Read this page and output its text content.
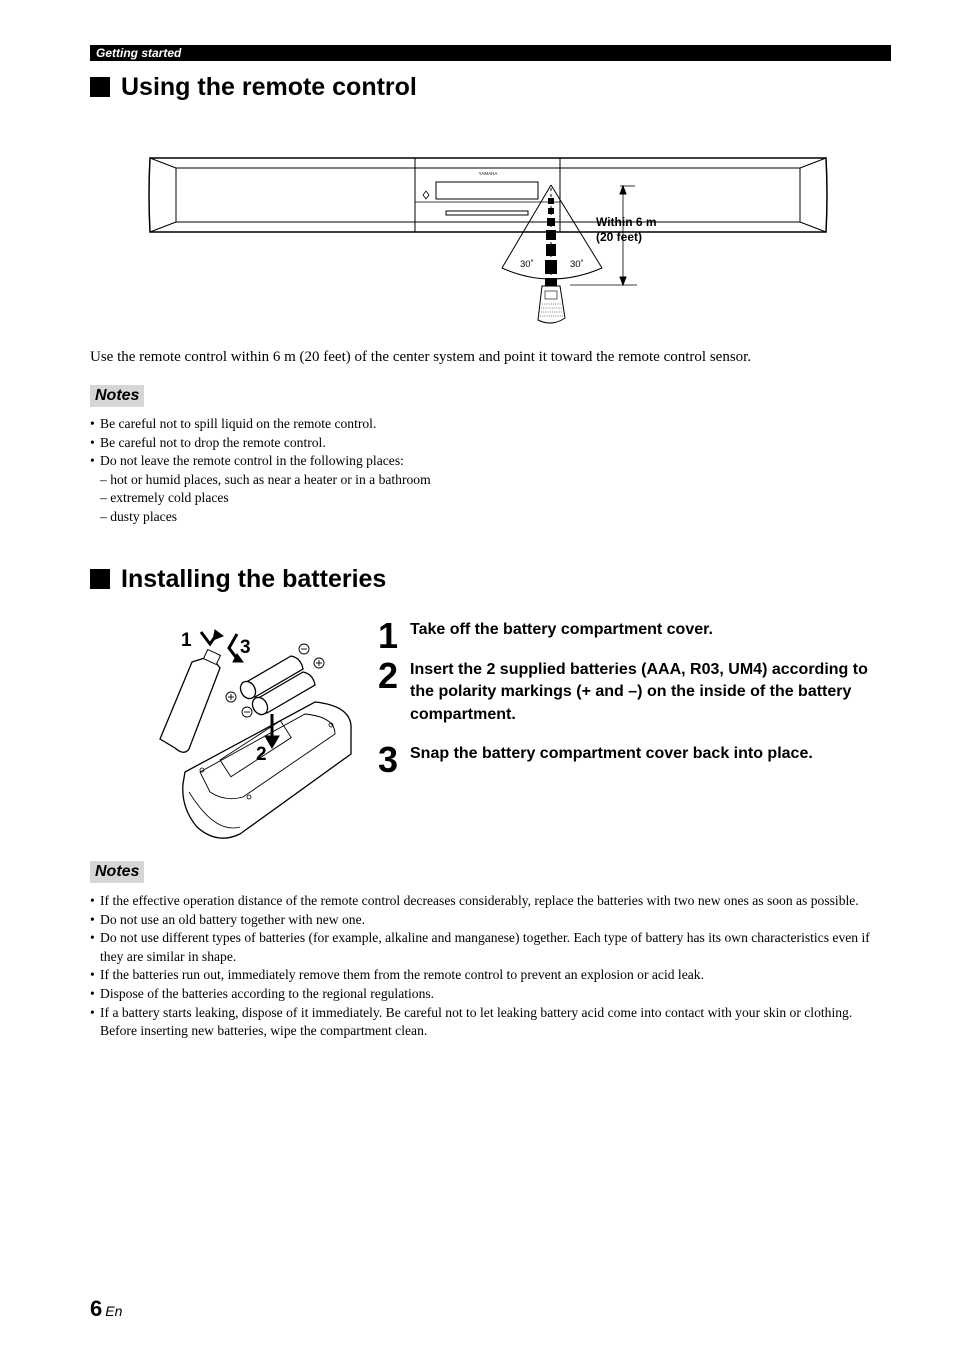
Getting started
Using the remote control
YAMAHA
Within 6 m
(20 feet)
30˚	30˚

Use the remote control within 6 m (20 feet) of the center system and point it toward the remote control sensor.

Notes
• Be careful not to spill liquid on the remote control.
• Be careful not to drop the remote control.
• Do not leave the remote control in the following places:
– hot or humid places, such as near a heater or in a bathroom
– extremely cold places
– dusty places
Installing the batteries
1	3
2
1 Take off the battery compartment cover.
2 Insert the 2 supplied batteries (AAA, R03, UM4) according to the polarity markings (+ and –) on the inside of the battery compartment.
3 Snap the battery compartment cover back into place.
Notes
• If the effective operation distance of the remote control decreases considerably, replace the batteries with two new ones as soon as possible.
• Do not use an old battery together with new one.
• Do not use different types of batteries (for example, alkaline and manganese) together. Each type of battery has its own characteristics even if they are similar in shape.
• If the batteries run out, immediately remove them from the remote control to prevent an explosion or acid leak.
• Dispose of the batteries according to the regional regulations.
• If a battery starts leaking, dispose of it immediately. Be careful not to let leaking battery acid come into contact with your skin or clothing. Before inserting new batteries, wipe the compartment clean.
6 En
